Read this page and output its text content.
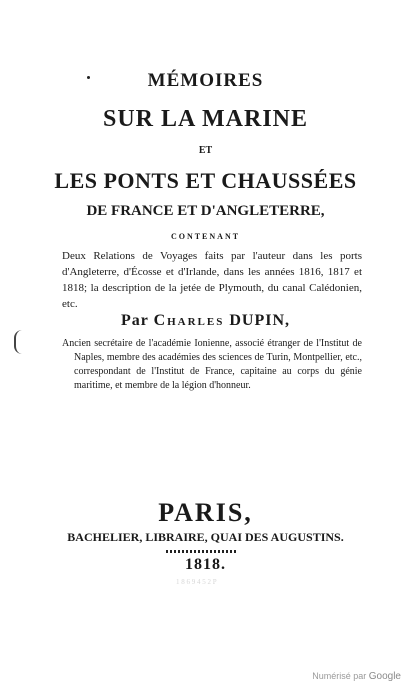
MÉMOIRES
SUR LA MARINE
ET
LES PONTS ET CHAUSSÉES
DE FRANCE ET D'ANGLETERRE,
CONTENANT
Deux Relations de Voyages faits par l'auteur dans les ports d'Angleterre, d'Écosse et d'Irlande, dans les années 1816, 1817 et 1818; la description de la jetée de Plymouth, du canal Calédonien, etc.
Par Charles DUPIN,
Ancien secrétaire de l'académie Ionienne, associé étranger de l'Institut de Naples, membre des académies des sciences de Turin, Montpellier, etc., correspondant de l'Institut de France, capitaine au corps du génie maritime, et membre de la légion d'honneur.
PARIS,
BACHELIER, LIBRAIRE, QUAI DES AUGUSTINS.
1818.
1 8 6 9 4 5 2 P
Numérisé par Google
